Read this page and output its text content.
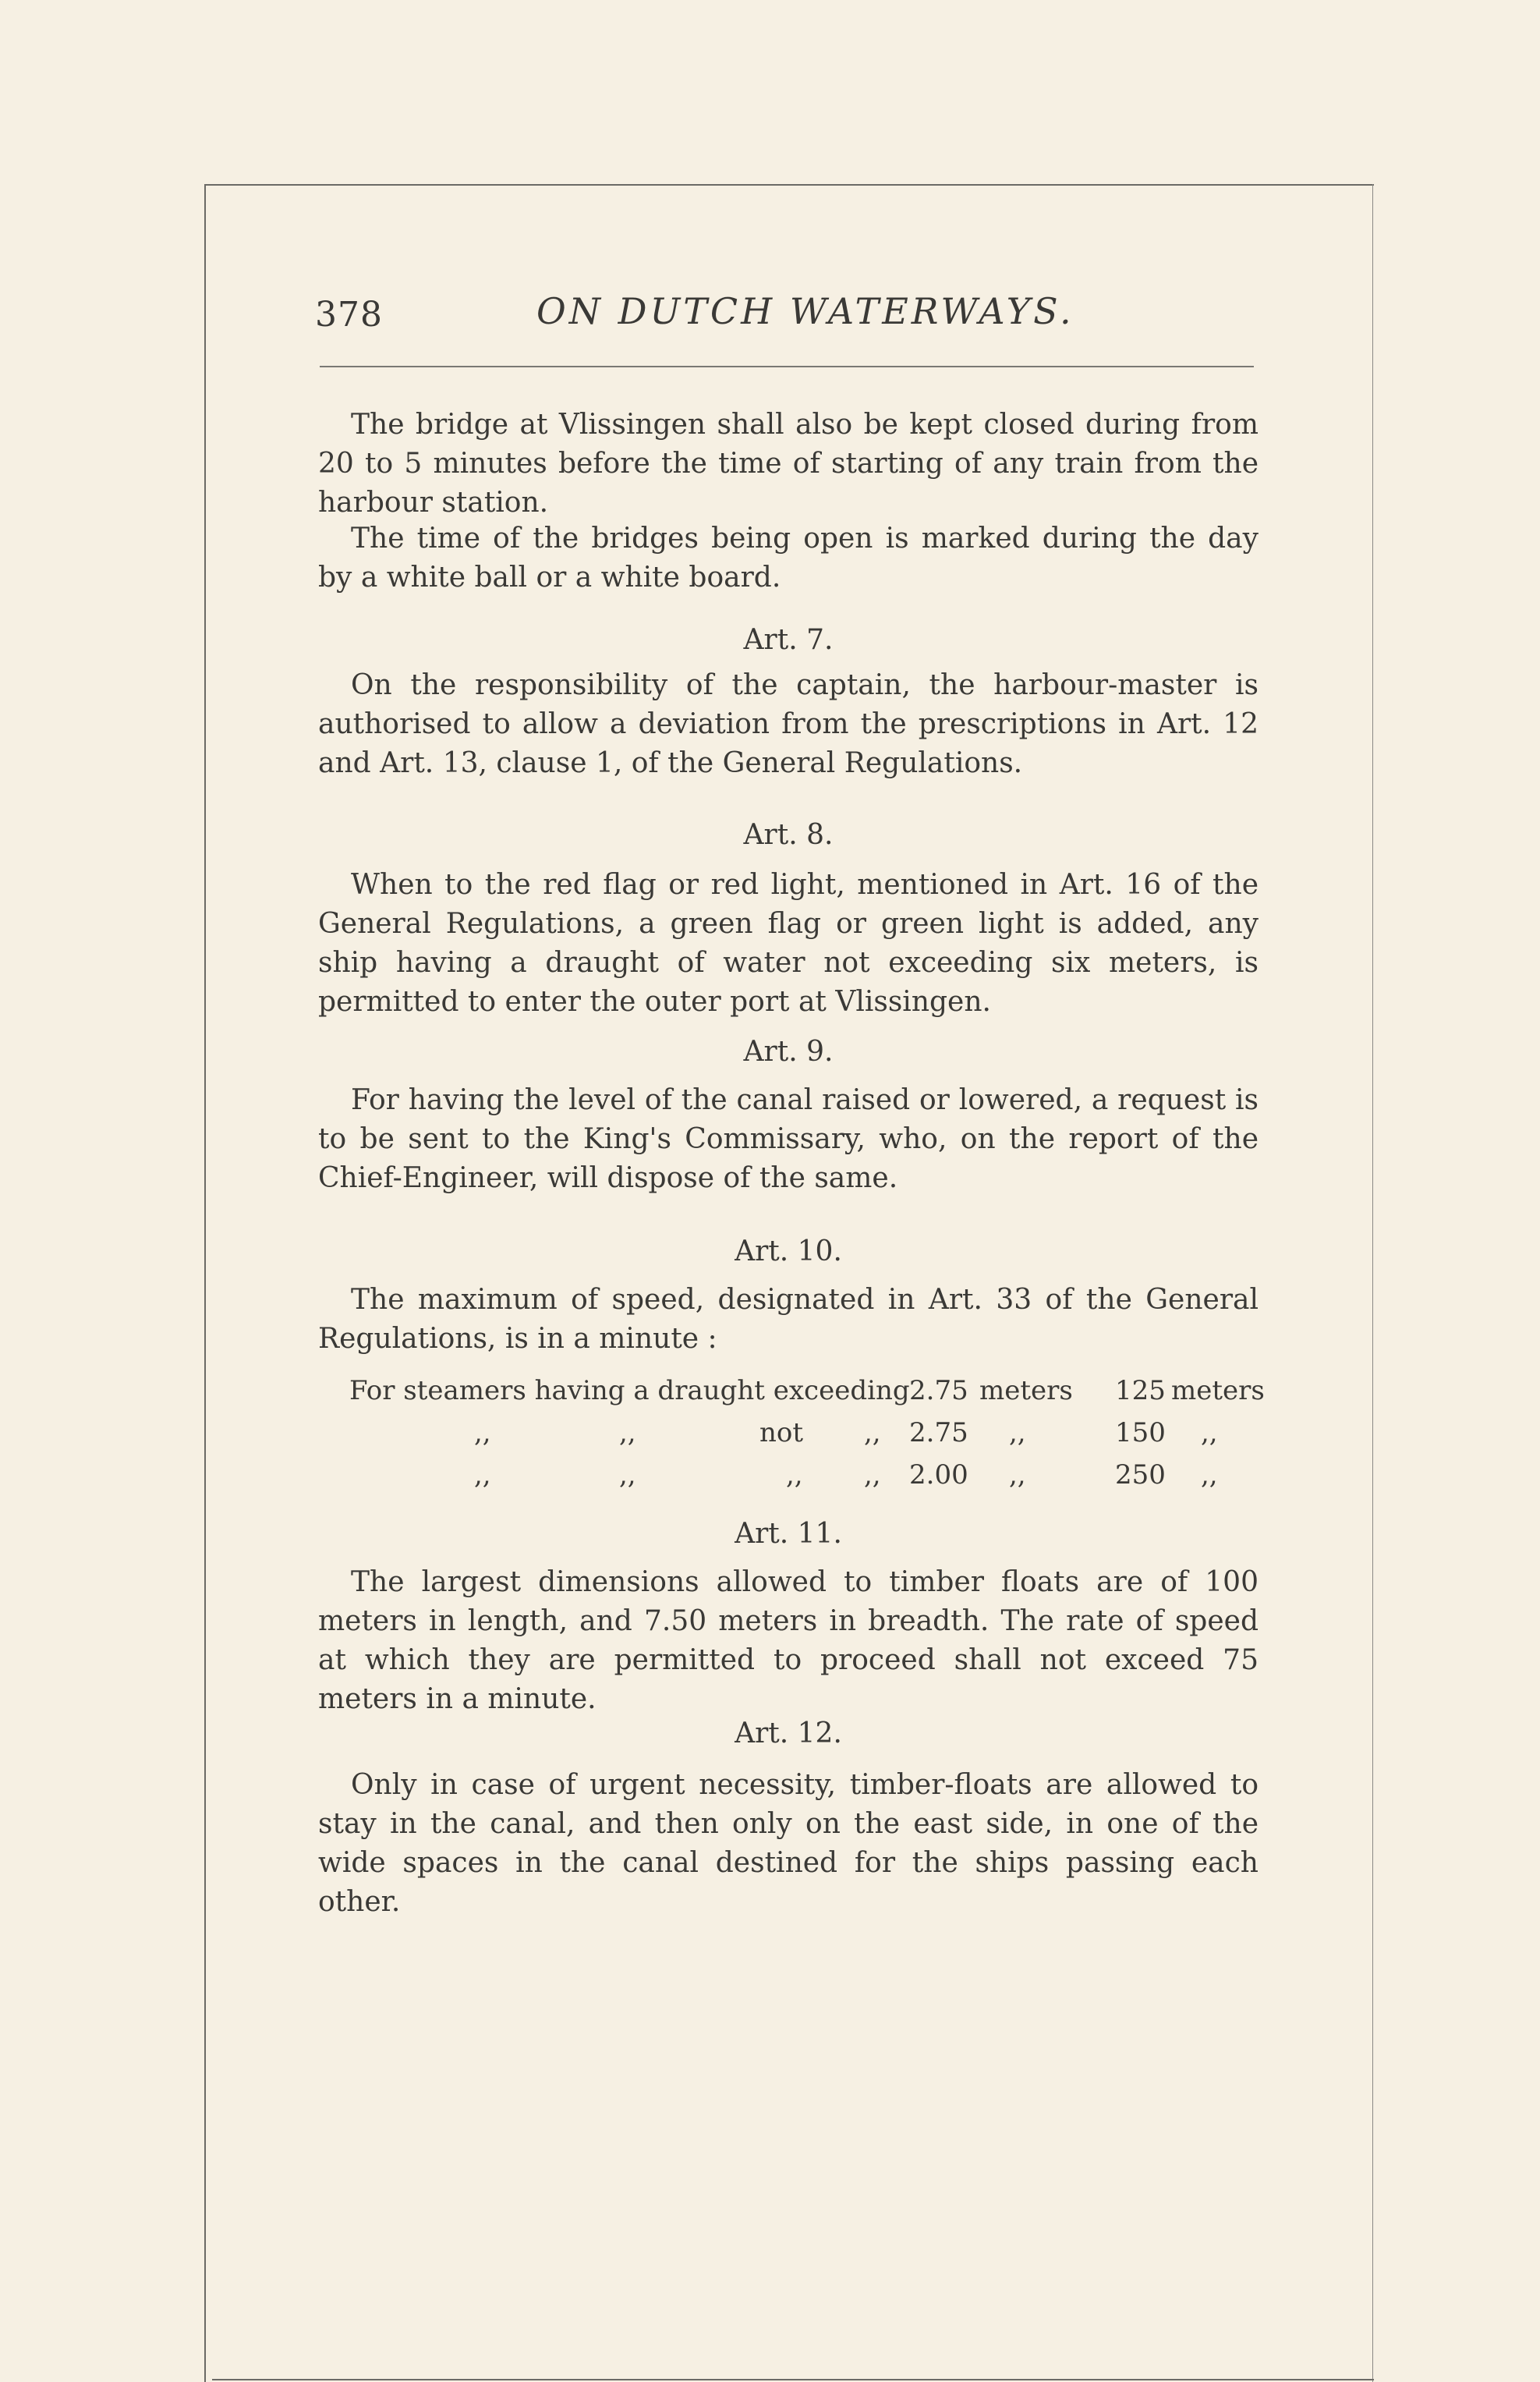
378	ON DUTCH WATERWAYS.
The bridge at Vlissingen shall also be kept closed during from 20 to 5 minutes before the time of starting of any train from the harbour station.
The time of the bridges being open is marked during the day by a white ball or a white board.
Art. 7.
On the responsibility of the captain, the harbour-master is authorised to allow a deviation from the prescriptions in Art. 12 and Art. 13, clause 1, of the General Regulations.
Art. 8.
When to the red flag or red light, mentioned in Art. 16 of the General Regulations, a green flag or green light is added, any ship having a draught of water not exceeding six meters, is permitted to enter the outer port at Vlissingen.
Art. 9.
For having the level of the canal raised or lowered, a request is to be sent to the King's Commissary, who, on the report of the Chief-Engineer, will dispose of the same.
Art. 10.
The maximum of speed, designated in Art. 33 of the General Regulations, is in a minute :
For steamers having a draught exceeding 2.75 meters 125 meters
,,	,,	not ,, 2.75 ,,	150 ,,
,,	,,	,, ,, 2.00 ,,	250 ,,
Art. 11.
The largest dimensions allowed to timber floats are of 100 meters in length, and 7.50 meters in breadth. The rate of speed at which they are permitted to proceed shall not exceed 75 meters in a minute.
Art. 12.
Only in case of urgent necessity, timber-floats are allowed to stay in the canal, and then only on the east side, in one of the wide spaces in the canal destined for the ships passing each other.
